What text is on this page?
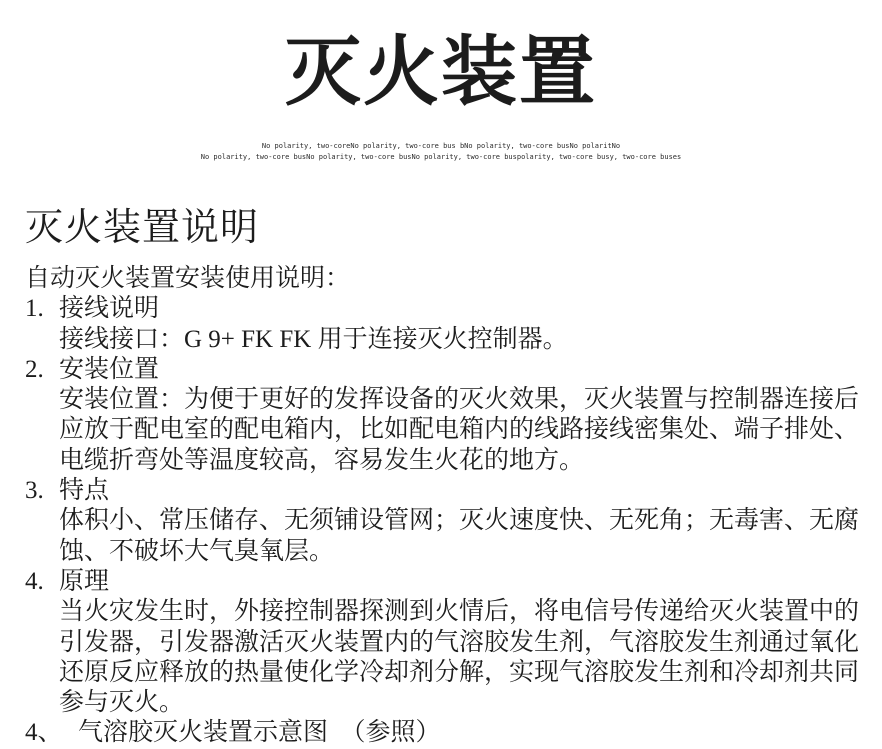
灭火装置
No polarity, two-coreNo polarity, two-core bus bNo polarity, two-core busNo polaritNo
No polarity, two-core busNo polarity, two-core busNo polarity, two-core buspolarity, two-core busy, two-core buses
灭火装置说明
自动灭火装置安装使用说明：
1. 接线说明
接线接口：G 9+ FK FK 用于连接灭火控制器。
2. 安装位置
安装位置：为便于更好的发挥设备的灭火效果，灭火装置与控制器连接后
应放于配电室的配电箱内，比如配电箱内的线路接线密集处、端子排处、
电缆折弯处等温度较高，容易发生火花的地方。
3. 特点
体积小、常压储存、无须铺设管网；灭火速度快、无死角；无毒害、无腐
蚀、不破坏大气臭氧层。
4. 原理
当火灾发生时，外接控制器探测到火情后，将电信号传递给灭火装置中的
引发器，引发器激活灭火装置内的气溶胶发生剂，气溶胶发生剂通过氧化
还原反应释放的热量使化学冷却剂分解，实现气溶胶发生剂和冷却剂共同
参与灭火。
4、 气溶胶灭火装置示意图　（参照）
